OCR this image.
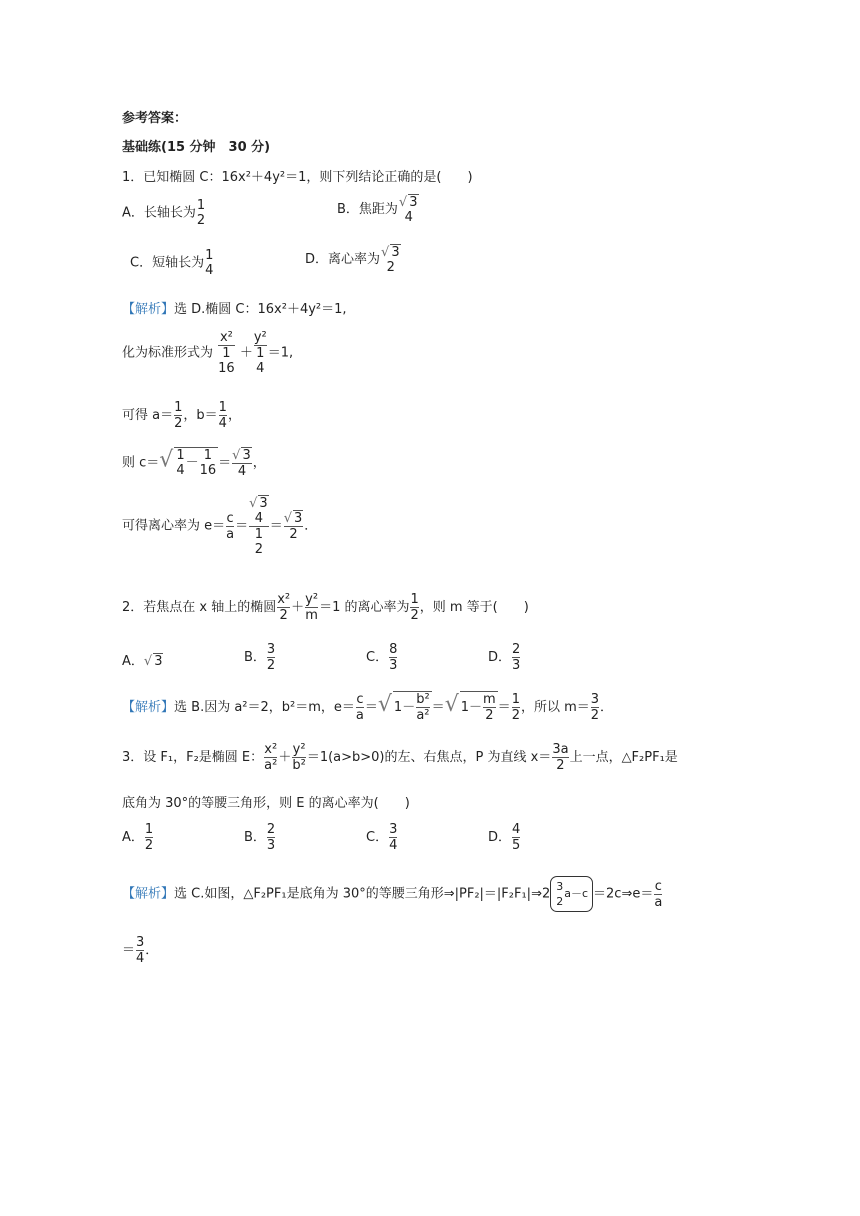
参考答案：
基础练(15 分钟　30 分)
1．已知椭圆 C：16x²＋4y²＝1，则下列结论正确的是(　　)
A．长轴长为 1
2
B．焦距为 √ 3
4
C．短轴长为 1
4
D．离心率为 √ 3
2
【解析】选 D.椭圆 C：16x²＋4y²＝1,
化为标准形式为
x²
1
16
＋
y²
1
4
＝1,
可得 $a= \frac{1}{2}$ ，$b= \frac{1}{4}$ ，
则 c＝√ 1
4 － 1
16 ＝ √ $\frac{3}{4}$ ，
可得离心率为 $e= \frac{c}{a}$ ＝
√ 3
4
1
2
＝ √ $\frac{3}{2}$ ．
2．若焦点在 x 轴上的椭圆 $\frac{\text{x²}}{2} + \frac{\text{y²}}{m} =1$ 的离心率为 $\frac{1}{2}$ ，则 m 等于(　　)
A． √ 3	B． $\frac{3}{2}$	C． $\frac{8}{3}$	D． $\frac{2}{3}$
【解析】选 B.因为 a²＝2，b²＝m，$e= \frac{c}{a}$ ＝√ $1- \frac{\text{b²}}{\text{a²}}$ ＝√ $1- \frac{m}{2} = \frac{1}{2}$ ，所以 $m= \frac{3}{2}$ ．
3．设 F₁，F₂是椭圆 E： $\frac{\text{x²}}{\text{a²}} + \frac{\text{y²}}{\text{b²}} =1(a>b>0)$的左、右焦点，P 为直线 $x= \frac{3a}{2}$ 上一点，△F₂PF₁是
底角为 30°的等腰三角形，则 E 的离心率为(　　)
A． $\frac{1}{2}$	B． $\frac{2}{3}$	C． $\frac{3}{4}$	D． $\frac{4}{5}$
【解析】选 C.如图，△F₂PF₁是底角为 30°的等腰三角形⇒|PF₂|＝|F₂F₁|⇒2 3
2
a－c ＝2c⇒e＝ $\frac{c}{a}$
＝ $\frac{3}{4}$ ．
